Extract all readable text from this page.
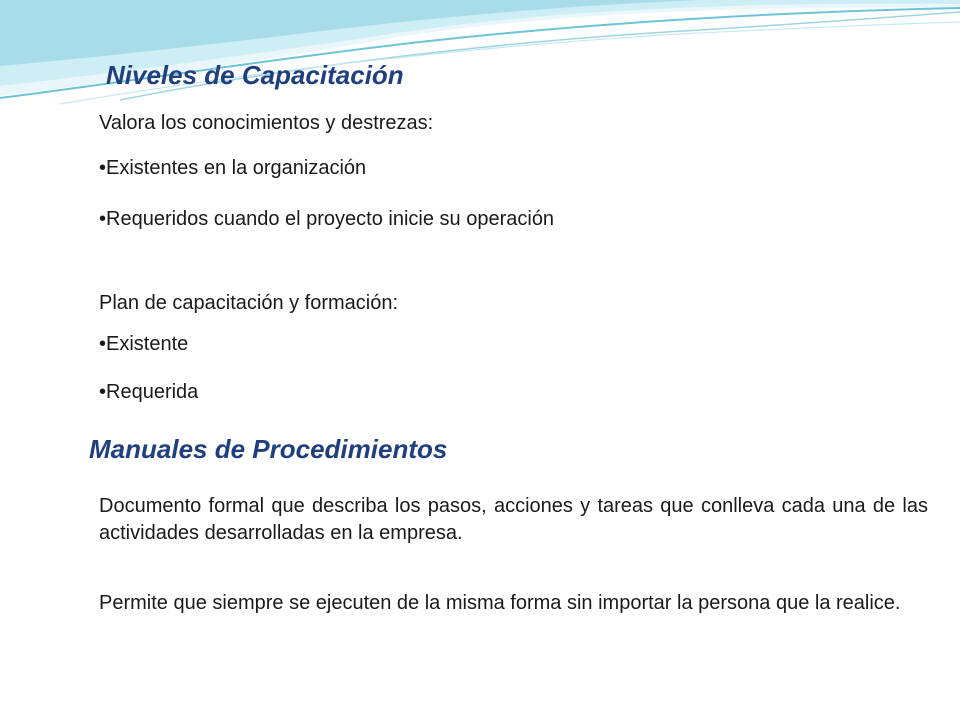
Niveles de Capacitación

Valora los conocimientos y destrezas:

•Existentes en la organización

•Requeridos cuando el proyecto inicie su operación

Plan de capacitación y formación:

•Existente

•Requerida

Manuales de Procedimientos

Documento formal que describa los pasos, acciones y tareas que conlleva cada una de las actividades desarrolladas en la empresa.

Permite que siempre se ejecuten de la misma forma sin importar la persona que la realice.
